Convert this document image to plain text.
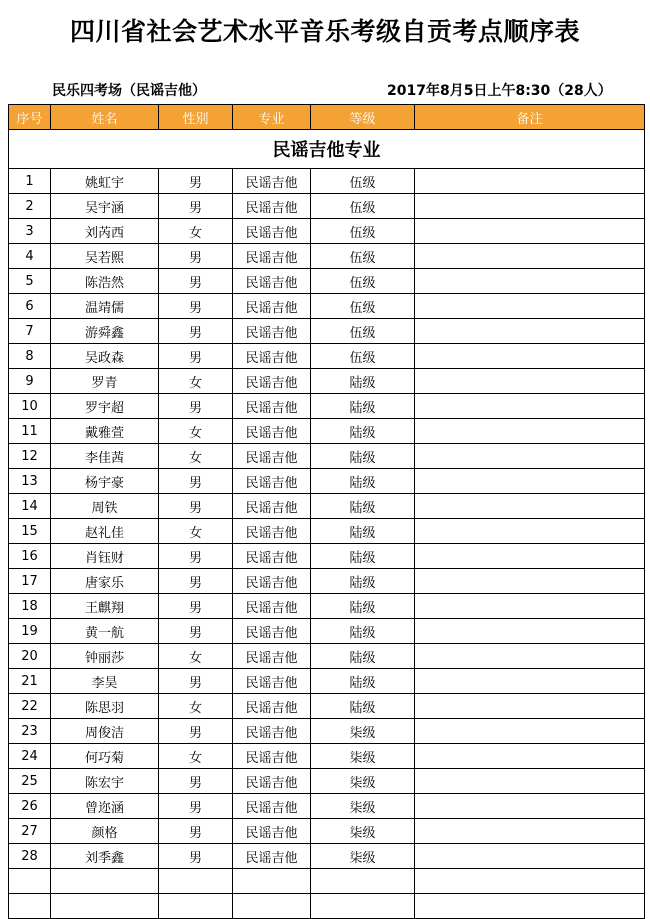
四川省社会艺术水平音乐考级自贡考点顺序表
民乐四考场（民谣吉他）	2017年8月5日上午8:30（28人）
序号	姓名	性别	专业	等级	备注
民谣吉他专业					
1	姚虹宇	男	民谣吉他	伍级	
2	吴宇涵	男	民谣吉他	伍级	
3	刘芮西	女	民谣吉他	伍级	
4	吴若熙	男	民谣吉他	伍级	
5	陈浩然	男	民谣吉他	伍级	
6	温靖儒	男	民谣吉他	伍级	
7	游舜鑫	男	民谣吉他	伍级	
8	吴政森	男	民谣吉他	伍级	
9	罗青	女	民谣吉他	陆级	
10	罗宇超	男	民谣吉他	陆级	
11	戴雅萱	女	民谣吉他	陆级	
12	李佳茜	女	民谣吉他	陆级	
13	杨宇豪	男	民谣吉他	陆级	
14	周铁	男	民谣吉他	陆级	
15	赵礼佳	女	民谣吉他	陆级	
16	肖钰财	男	民谣吉他	陆级	
17	唐家乐	男	民谣吉他	陆级	
18	王麒翔	男	民谣吉他	陆级	
19	黄一航	男	民谣吉他	陆级	
20	钟丽莎	女	民谣吉他	陆级	
21	李昊	男	民谣吉他	陆级	
22	陈思羽	女	民谣吉他	陆级	
23	周俊洁	男	民谣吉他	柒级	
24	何巧菊	女	民谣吉他	柒级	
25	陈宏宇	男	民谣吉他	柒级	
26	曾迩涵	男	民谣吉他	柒级	
27	颜格	男	民谣吉他	柒级	
28	刘季鑫	男	民谣吉他	柒级	
